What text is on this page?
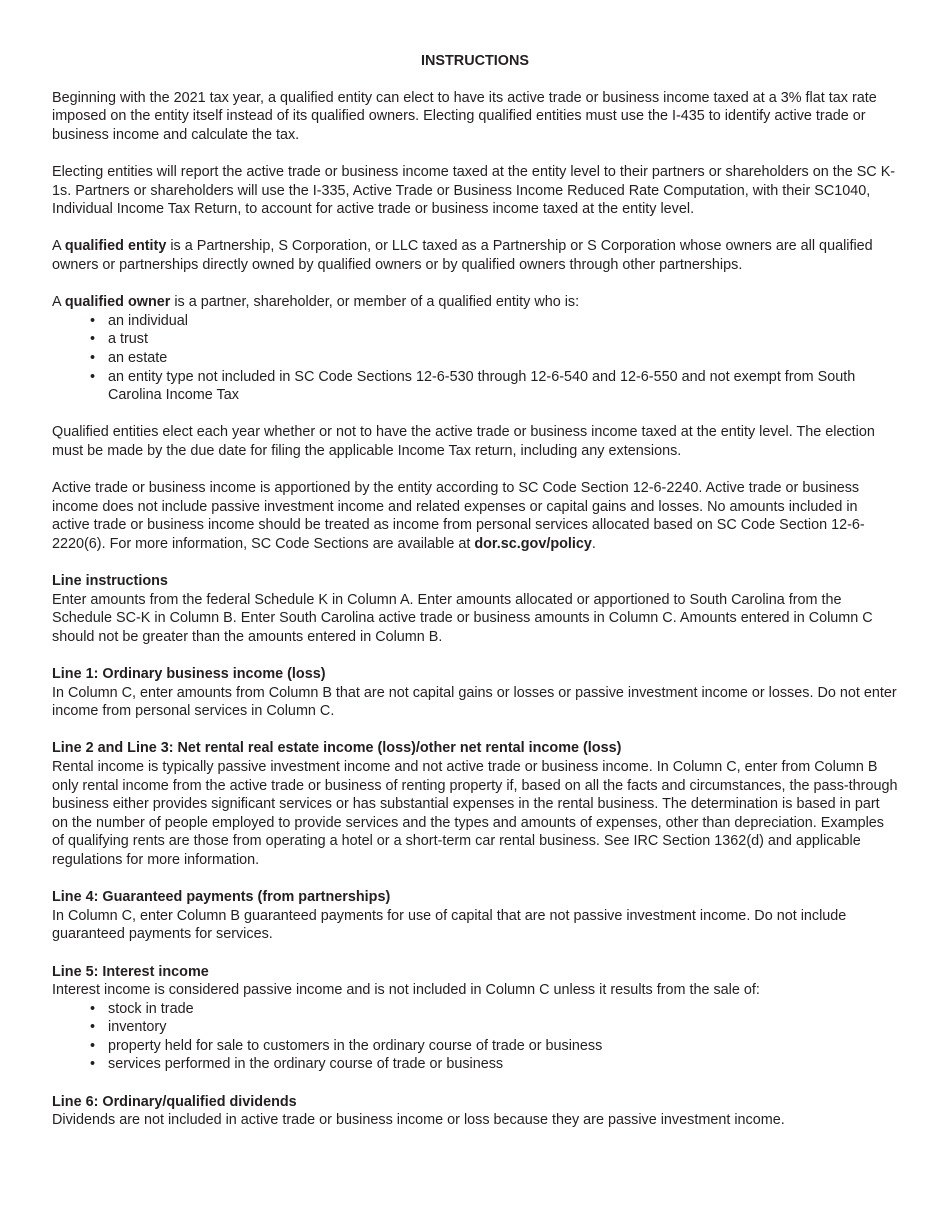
INSTRUCTIONS

Beginning with the 2021 tax year, a qualified entity can elect to have its active trade or business income taxed at a 3% flat tax rate imposed on the entity itself instead of its qualified owners. Electing qualified entities must use the I-435 to identify active trade or business income and calculate the tax.

Electing entities will report the active trade or business income taxed at the entity level to their partners or shareholders on the SC K-1s. Partners or shareholders will use the I-335, Active Trade or Business Income Reduced Rate Computation, with their SC1040, Individual Income Tax Return, to account for active trade or business income taxed at the entity level.

A qualified entity is a Partnership, S Corporation, or LLC taxed as a Partnership or S Corporation whose owners are all qualified owners or partnerships directly owned by qualified owners or by qualified owners through other partnerships.

A qualified owner is a partner, shareholder, or member of a qualified entity who is:

• an individual
• a trust
• an estate
• an entity type not included in SC Code Sections 12-6-530 through 12-6-540 and 12-6-550 and not exempt from South Carolina Income Tax

Qualified entities elect each year whether or not to have the active trade or business income taxed at the entity level. The election must be made by the due date for filing the applicable Income Tax return, including any extensions.

Active trade or business income is apportioned by the entity according to SC Code Section 12-6-2240. Active trade or business income does not include passive investment income and related expenses or capital gains and losses. No amounts included in active trade or business income should be treated as income from personal services allocated based on SC Code Section 12-6-2220(6). For more information, SC Code Sections are available at dor.sc.gov/policy.

Line instructions

Enter amounts from the federal Schedule K in Column A. Enter amounts allocated or apportioned to South Carolina from the Schedule SC-K in Column B. Enter South Carolina active trade or business amounts in Column C. Amounts entered in Column C should not be greater than the amounts entered in Column B.

Line 1: Ordinary business income (loss)

In Column C, enter amounts from Column B that are not capital gains or losses or passive investment income or losses. Do not enter income from personal services in Column C.

Line 2 and Line 3: Net rental real estate income (loss)/other net rental income (loss)

Rental income is typically passive investment income and not active trade or business income. In Column C, enter from Column B only rental income from the active trade or business of renting property if, based on all the facts and circumstances, the pass-through business either provides significant services or has substantial expenses in the rental business. The determination is based in part on the number of people employed to provide services and the types and amounts of expenses, other than depreciation. Examples of qualifying rents are those from operating a hotel or a short-term car rental business. See IRC Section 1362(d) and applicable regulations for more information.

Line 4: Guaranteed payments (from partnerships)

In Column C, enter Column B guaranteed payments for use of capital that are not passive investment income. Do not include guaranteed payments for services.

Line 5: Interest income

Interest income is considered passive income and is not included in Column C unless it results from the sale of:

• stock in trade
• inventory
• property held for sale to customers in the ordinary course of trade or business
• services performed in the ordinary course of trade or business

Line 6: Ordinary/qualified dividends

Dividends are not included in active trade or business income or loss because they are passive investment income.
